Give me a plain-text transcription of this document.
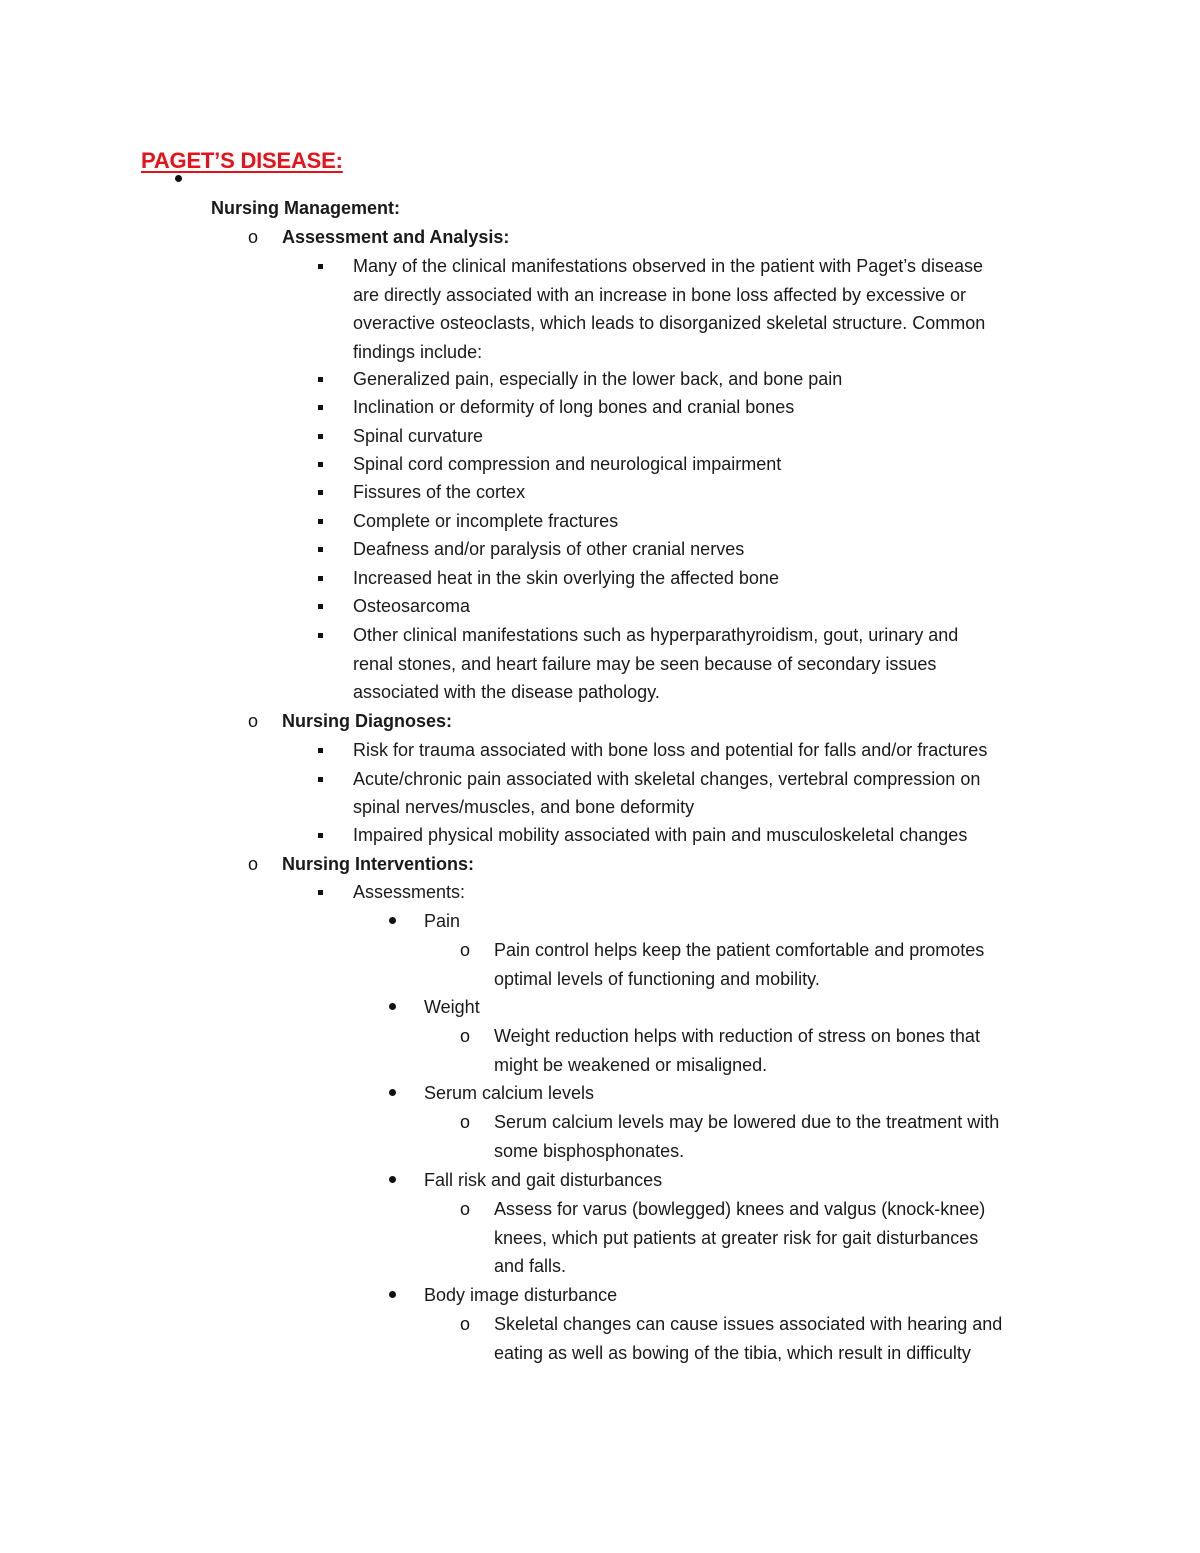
PAGET’S DISEASE:
Nursing Management:
o Assessment and Analysis:
Many of the clinical manifestations observed in the patient with Paget’s disease
are directly associated with an increase in bone loss affected by excessive or
overactive osteoclasts, which leads to disorganized skeletal structure. Common
findings include:
Generalized pain, especially in the lower back, and bone pain
Inclination or deformity of long bones and cranial bones
Spinal curvature
Spinal cord compression and neurological impairment
Fissures of the cortex
Complete or incomplete fractures
Deafness and/or paralysis of other cranial nerves
Increased heat in the skin overlying the affected bone
Osteosarcoma
Other clinical manifestations such as hyperparathyroidism, gout, urinary and
renal stones, and heart failure may be seen because of secondary issues
associated with the disease pathology.
o Nursing Diagnoses:
Risk for trauma associated with bone loss and potential for falls and/or fractures
Acute/chronic pain associated with skeletal changes, vertebral compression on
spinal nerves/muscles, and bone deformity
Impaired physical mobility associated with pain and musculoskeletal changes
o Nursing Interventions:
Assessments:
Pain
o Pain control helps keep the patient comfortable and promotes
optimal levels of functioning and mobility.
Weight
o Weight reduction helps with reduction of stress on bones that
might be weakened or misaligned.
Serum calcium levels
o Serum calcium levels may be lowered due to the treatment with
some bisphosphonates.
Fall risk and gait disturbances
o Assess for varus (bowlegged) knees and valgus (knock-knee)
knees, which put patients at greater risk for gait disturbances
and falls.
Body image disturbance
o Skeletal changes can cause issues associated with hearing and
eating as well as bowing of the tibia, which result in difficulty
